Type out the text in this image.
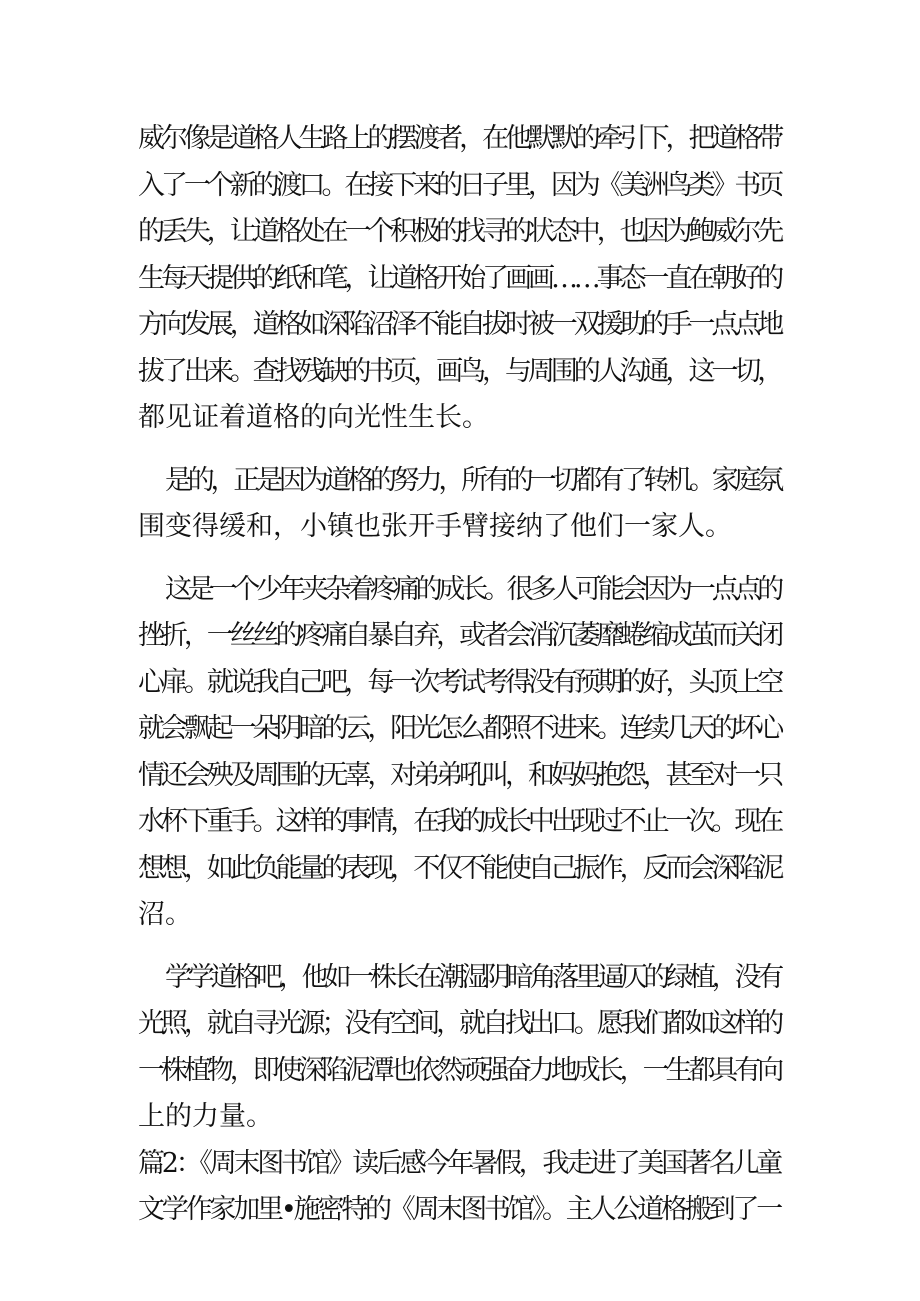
威尔像是道格人生路上的摆渡者，在他默默的牵引下，把道格带
入了一个新的渡口。在接下来的日子里，因为《美洲鸟类》书页
的丢失，让道格处在一个积极的找寻的状态中，也因为鲍威尔先
生每天提供的纸和笔，让道格开始了画画……事态一直在朝好的
方向发展，道格如深陷沼泽不能自拔时被一双援助的手一点点地
拔了出来。查找残缺的书页，画鸟，与周围的人沟通，这一切，
都见证着道格的向光性生长。
是的，正是因为道格的努力，所有的一切都有了转机。家庭氛
围变得缓和，小镇也张开手臂接纳了他们一家人。
这是一个少年夹杂着疼痛的成长。很多人可能会因为一点点的
挫折，一丝丝的疼痛自暴自弃，或者会消沉萎靡蜷缩成茧而关闭
心扉。就说我自己吧，每一次考试考得没有预期的好，头顶上空
就会飘起一朵阴暗的云，阳光怎么都照不进来。连续几天的坏心
情还会殃及周围的无辜，对弟弟吼叫，和妈妈抱怨，甚至对一只
水杯下重手。这样的事情，在我的成长中出现过不止一次。现在
想想，如此负能量的表现，不仅不能使自己振作，反而会深陷泥
沼。
学学道格吧，他如一株长在潮湿阴暗角落里逼仄的绿植，没有
光照，就自寻光源；没有空间，就自找出口。愿我们都如这样的
一株植物，即使深陷泥潭也依然顽强奋力地成长，一生都具有向
上的力量。
篇2：《周末图书馆》读后感今年暑假，我走进了美国著名儿童
文学作家加里•施密特的《周末图书馆》。主人公道格搬到了一
